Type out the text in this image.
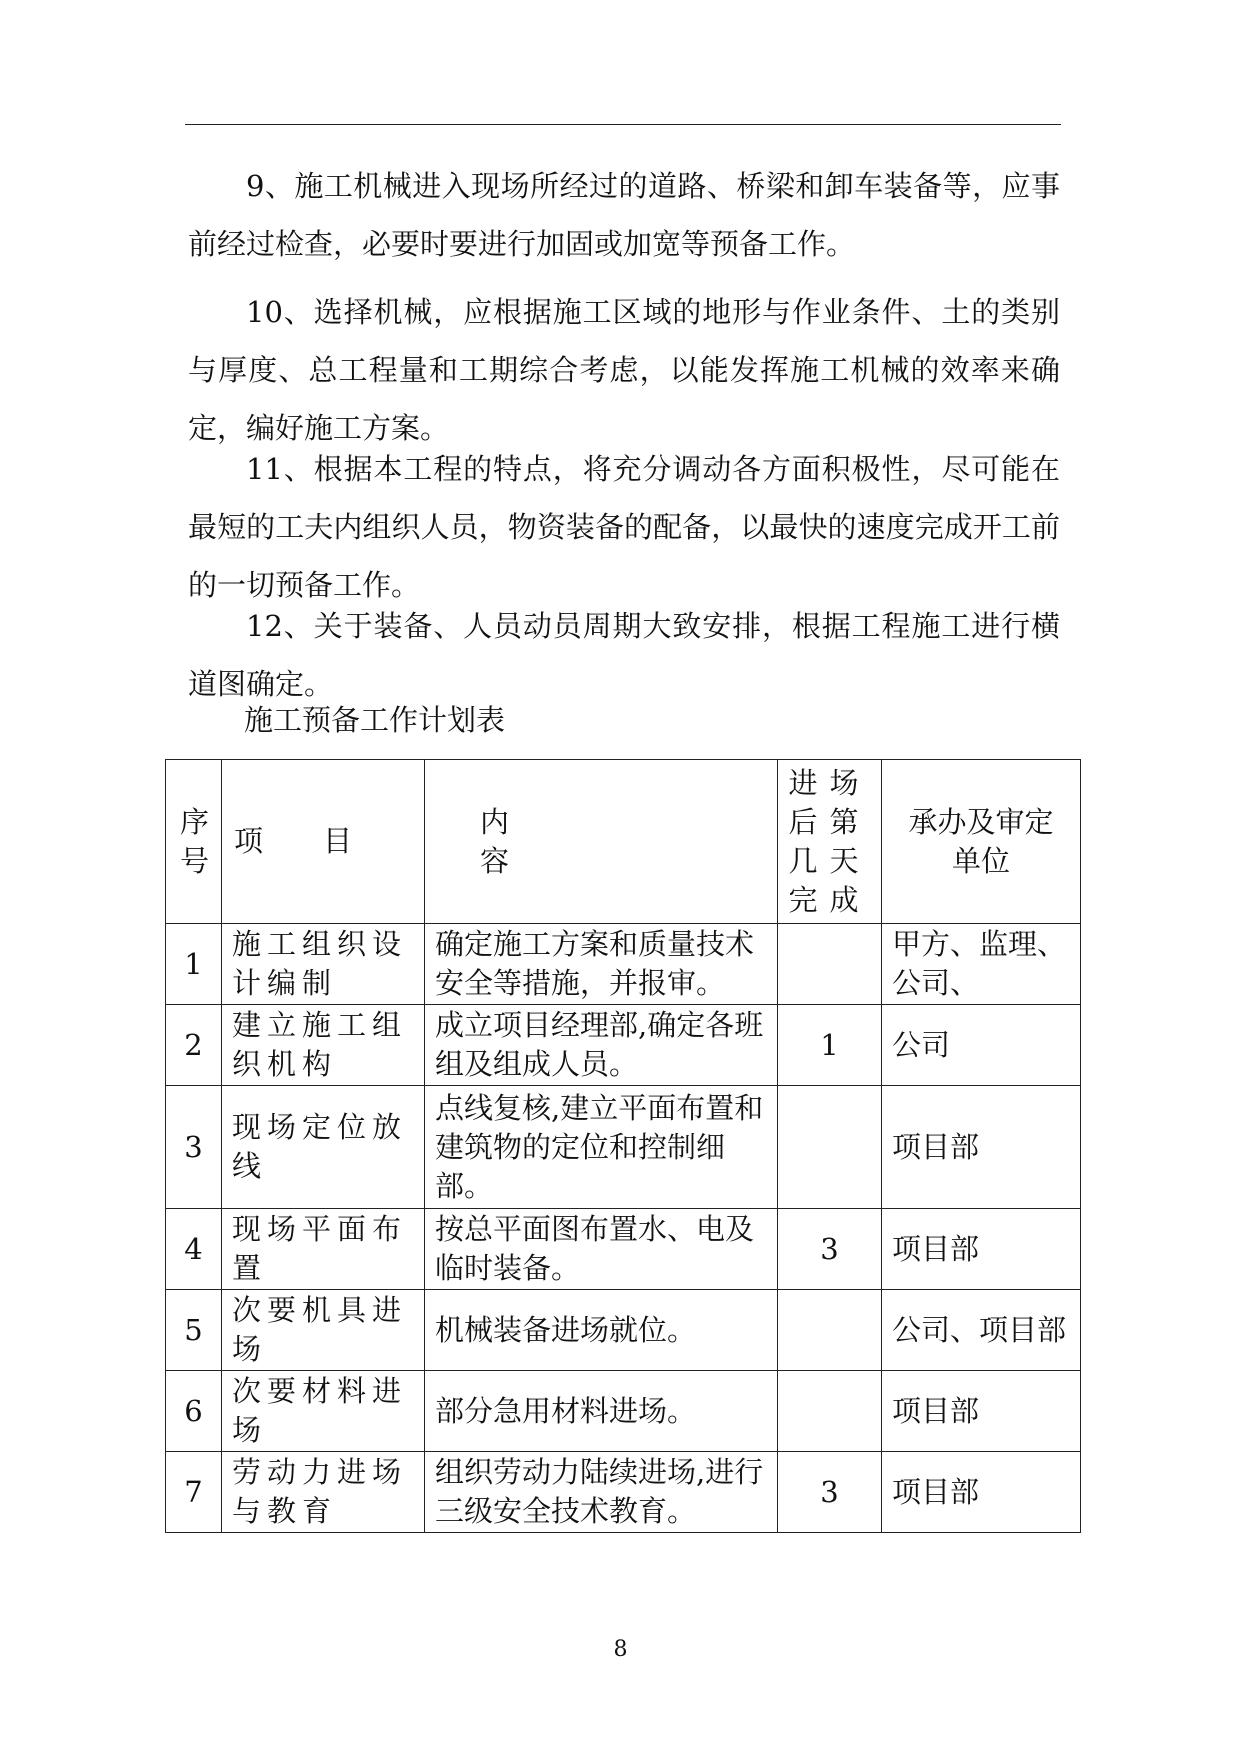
9、施工机械进入现场所经过的道路、桥梁和卸车装备等，应事前经过检查，必要时要进行加固或加宽等预备工作。

10、选择机械，应根据施工区域的地形与作业条件、土的类别与厚度、总工程量和工期综合考虑，以能发挥施工机械的效率来确定，编好施工方案。

11、根据本工程的特点，将充分调动各方面积极性，尽可能在最短的工夫内组织人员，物资装备的配备，以最快的速度完成开工前的一切预备工作。

12、关于装备、人员动员周期大致安排，根据工程施工进行横道图确定。

施工预备工作计划表
序号	项目	内容	进场后第几天完成	承办及审定单位
1	施工组织设计编制	确定施工方案和质量技术安全等措施，并报审。		甲方、监理、公司、
2	建立施工组织机构	成立项目经理部,确定各班组及组成人员。	1	公司
3	现场定位放线	点线复核,建立平面布置和建筑物的定位和控制细部。		项目部
4	现场平面布置	按总平面图布置水、电及临时装备。	3	项目部
5	次要机具进场	机械装备进场就位。		公司、项目部
6	次要材料进场	部分急用材料进场。		项目部
7	劳动力进场与教育	组织劳动力陆续进场,进行三级安全技术教育。	3	项目部
8
